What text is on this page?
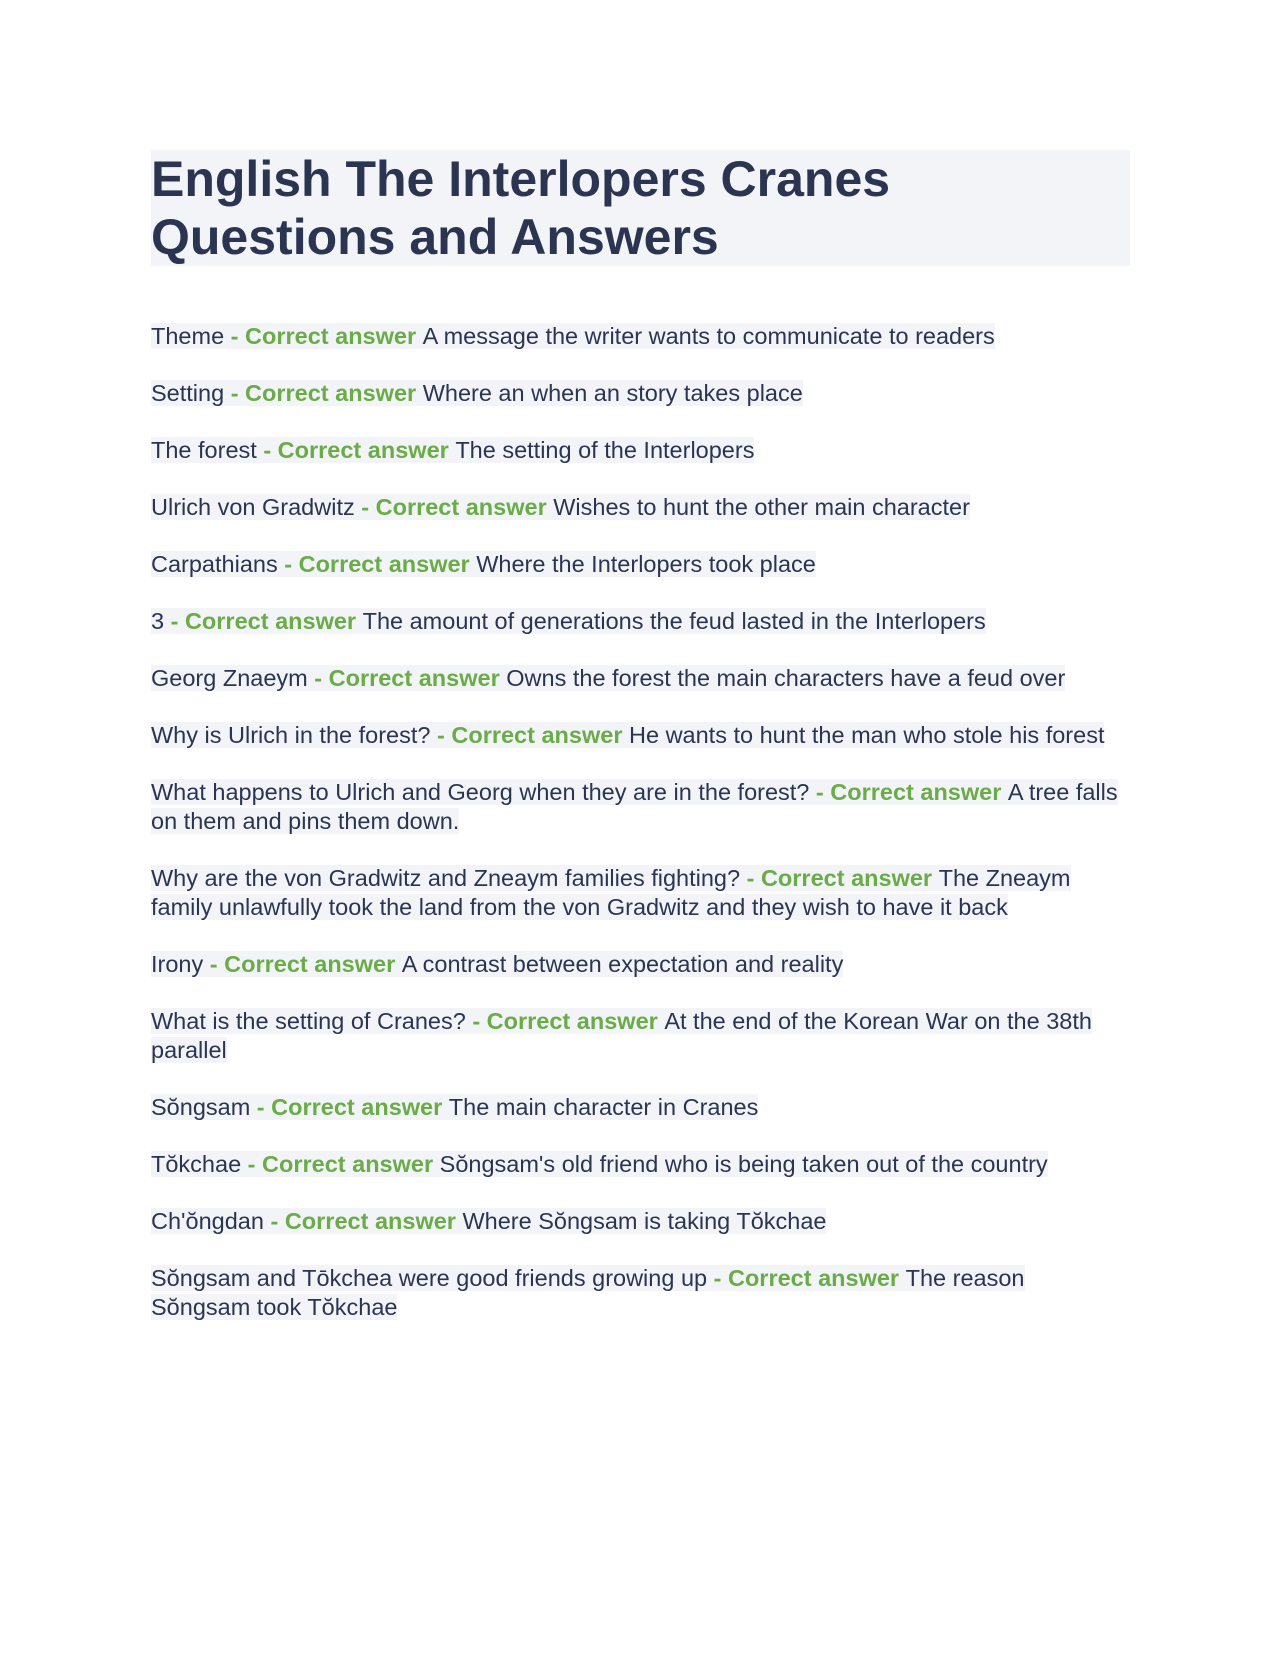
English The Interlopers Cranes Questions and Answers

Theme - Correct answer A message the writer wants to communicate to readers

Setting - Correct answer Where an when an story takes place

The forest - Correct answer The setting of the Interlopers

Ulrich von Gradwitz - Correct answer Wishes to hunt the other main character

Carpathians - Correct answer Where the Interlopers took place

3 - Correct answer The amount of generations the feud lasted in the Interlopers

Georg Znaeym - Correct answer Owns the forest the main characters have a feud over

Why is Ulrich in the forest? - Correct answer He wants to hunt the man who stole his forest

What happens to Ulrich and Georg when they are in the forest? - Correct answer A tree falls on them and pins them down.

Why are the von Gradwitz and Zneaym families fighting? - Correct answer The Zneaym family unlawfully took the land from the von Gradwitz and they wish to have it back

Irony - Correct answer A contrast between expectation and reality

What is the setting of Cranes? - Correct answer At the end of the Korean War on the 38th parallel

Sŏngsam - Correct answer The main character in Cranes

Tŏkchae - Correct answer Sŏngsam's old friend who is being taken out of the country

Ch'ŏngdan - Correct answer Where Sŏngsam is taking Tŏkchae

Sŏngsam and Tōkchea were good friends growing up - Correct answer The reason Sŏngsam took Tŏkchae
